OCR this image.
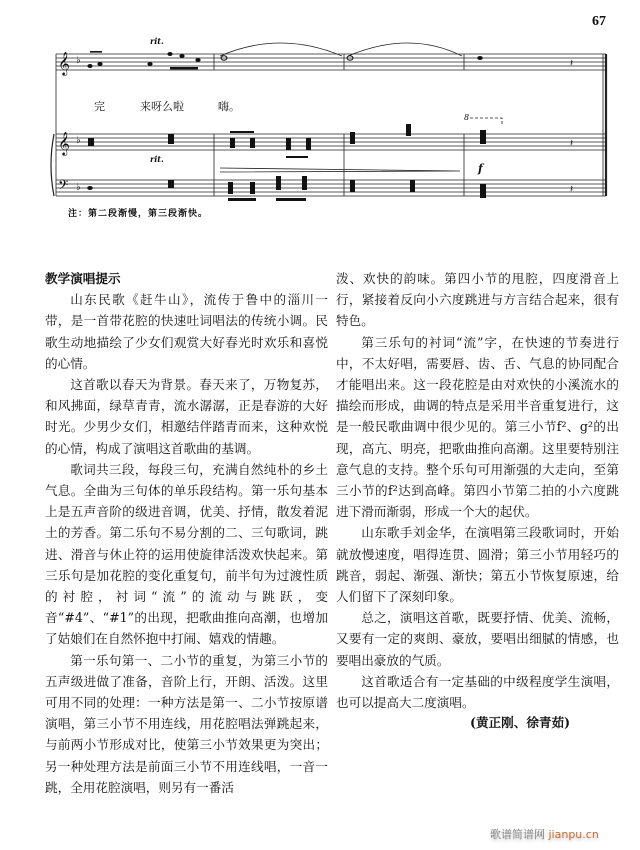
67
𝄞
𝄞
𝄢
♭
♭
♭
rit.
rit.
f
8
𝄽
𝄽
𝄽
完	来呀么啦	嗨。
注：第二段渐慢，第三段渐快。

教学演唱提示

山东民歌《赶牛山》，流传于鲁中的淄川一带，是一首带花腔的快速吐词唱法的传统小调。民歌生动地描绘了少女们观赏大好春光时欢乐和喜悦的心情。

这首歌以春天为背景。春天来了，万物复苏，和风拂面，绿草青青，流水潺潺，正是春游的大好时光。少男少女们，相邀结伴踏青而来，这种欢悦的心情，构成了演唱这首歌曲的基调。

歌词共三段，每段三句，充满自然纯朴的乡土气息。全曲为三句体的单乐段结构。第一乐句基本上是五声音阶的级进音调，优美、抒情，散发着泥土的芳香。第二乐句不易分割的二、三句歌词，跳进、滑音与休止符的运用使旋律活泼欢快起来。第三乐句是加花腔的变化重复句，前半句为过渡性质的衬腔，衬词“流”的流动与跳跃，变音“#4”、“#1”的出现，把歌曲推向高潮，也增加了姑娘们在自然怀抱中打闹、嬉戏的情趣。

第一乐句第一、二小节的重复，为第三小节的五声级进做了准备，音阶上行，开朗、活泼。这里可用不同的处理：一种方法是第一、二小节按原谱演唱，第三小节不用连线，用花腔唱法弹跳起来，与前两小节形成对比，使第三小节效果更为突出；另一种处理方法是前面三小节不用连线唱，一音一跳，全用花腔演唱，则另有一番活

泼、欢快的韵味。第四小节的甩腔，四度滑音上行，紧接着反向小六度跳进与方言结合起来，很有特色。

第三乐句的衬词“流”字，在快速的节奏进行中，不太好唱，需要唇、齿、舌、气息的协同配合才能唱出来。这一段花腔是由对欢快的小溪流水的描绘而形成，曲调的特点是采用半音重复进行，这是一般民歌曲调中很少见的。第三小节f²、g²的出现，高亢、明亮，把歌曲推向高潮。这里要特别注意气息的支持。整个乐句可用渐强的大走向，至第三小节的f²达到高峰。第四小节第二拍的小六度跳进下滑而渐弱，形成一个大的起伏。

山东歌手刘金华，在演唱第三段歌词时，开始就放慢速度，唱得连贯、圆滑；第三小节用轻巧的跳音，弱起、渐强、渐快；第五小节恢复原速，给人们留下了深刻印象。

总之，演唱这首歌，既要抒情、优美、流畅，又要有一定的爽朗、豪放，要唱出细腻的情感，也要唱出豪放的气质。

这首歌适合有一定基础的中级程度学生演唱，也可以提高大二度演唱。

(黄正刚、徐青茹)
歌谱简谱网 jianpu.cn
